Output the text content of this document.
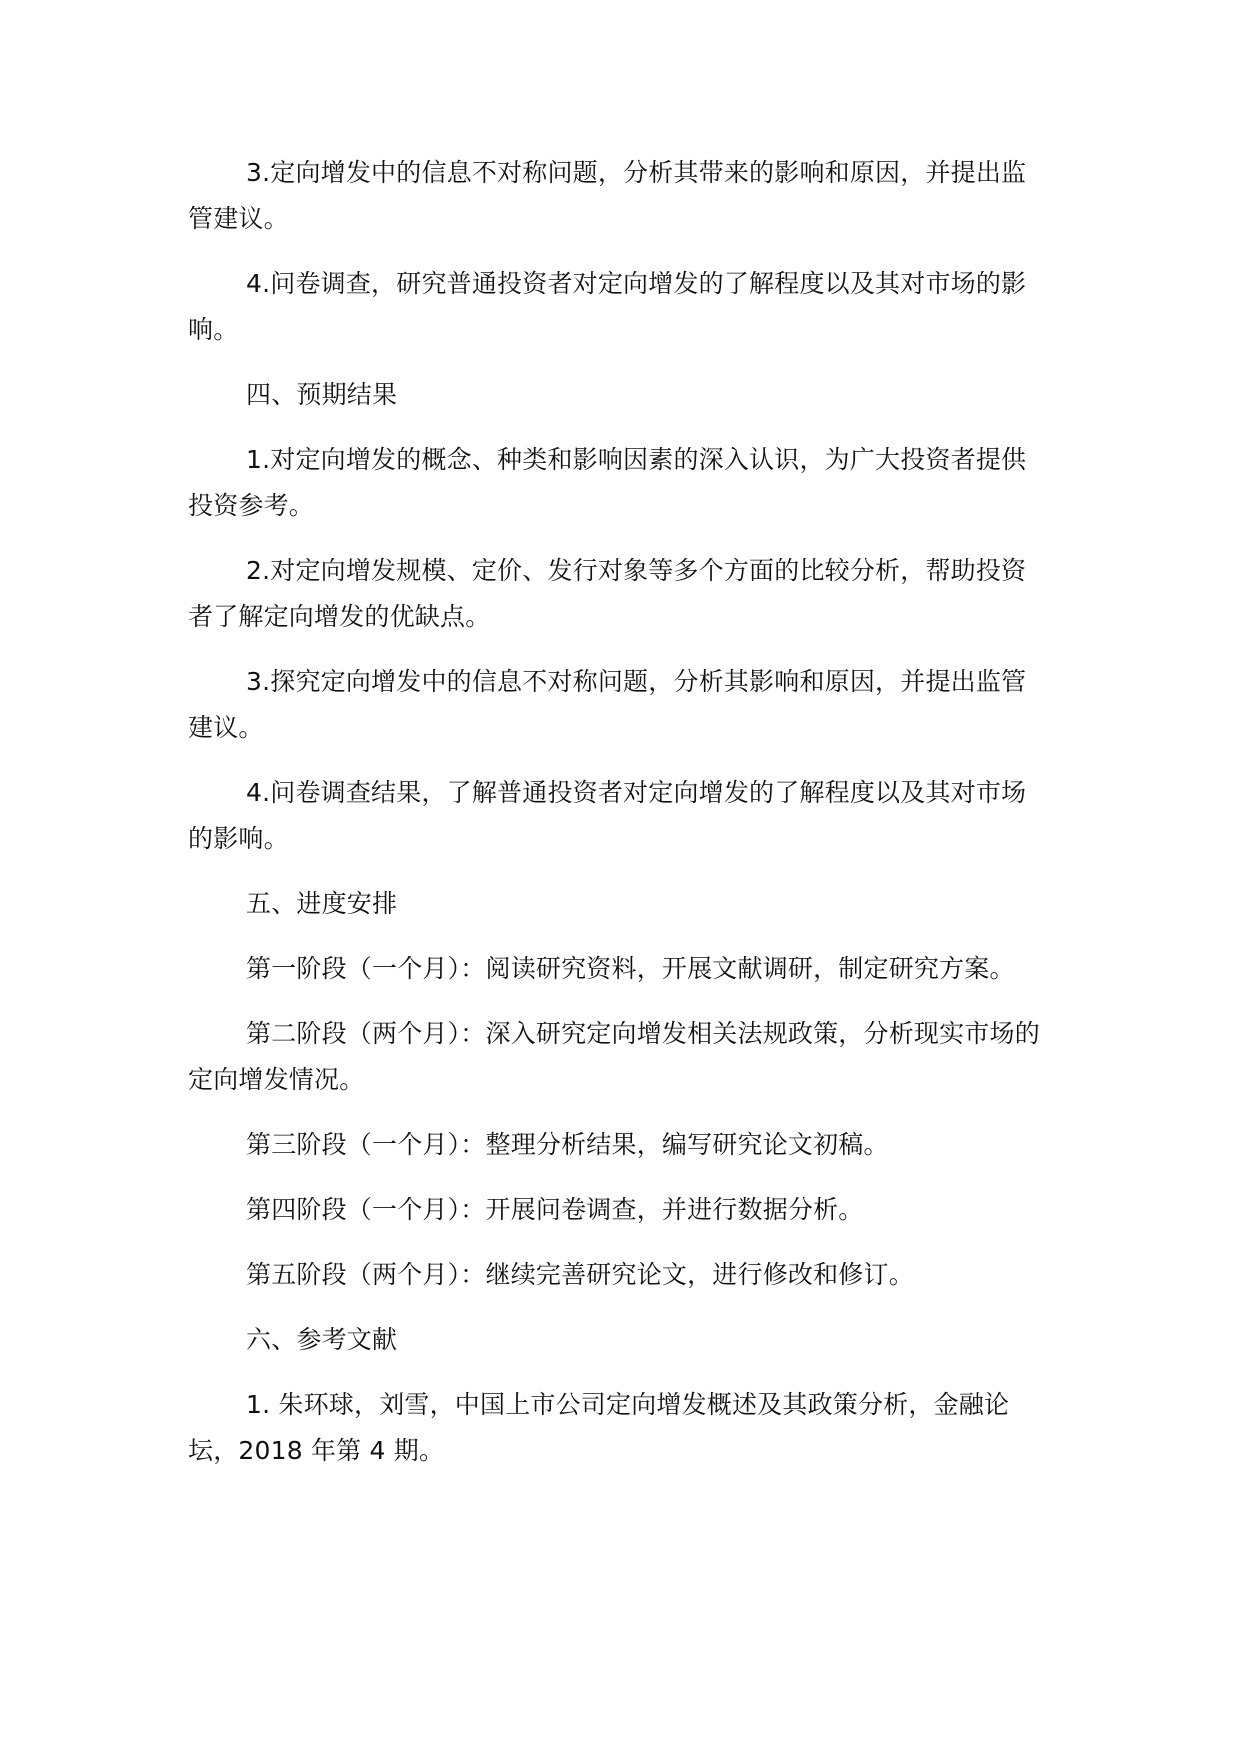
3.定向增发中的信息不对称问题，分析其带来的影响和原因，并提出监管建议。

4.问卷调查，研究普通投资者对定向增发的了解程度以及其对市场的影响。

四、预期结果

1.对定向增发的概念、种类和影响因素的深入认识，为广大投资者提供投资参考。

2.对定向增发规模、定价、发行对象等多个方面的比较分析，帮助投资者了解定向增发的优缺点。

3.探究定向增发中的信息不对称问题，分析其影响和原因，并提出监管建议。

4.问卷调查结果，了解普通投资者对定向增发的了解程度以及其对市场的影响。

五、进度安排

第一阶段（一个月）：阅读研究资料，开展文献调研，制定研究方案。

第二阶段（两个月）：深入研究定向增发相关法规政策，分析现实市场的定向增发情况。

第三阶段（一个月）：整理分析结果，编写研究论文初稿。

第四阶段（一个月）：开展问卷调查，并进行数据分析。

第五阶段（两个月）：继续完善研究论文，进行修改和修订。

六、参考文献

1. 朱环球，刘雪，中国上市公司定向增发概述及其政策分析，金融论坛，2018 年第 4 期。
